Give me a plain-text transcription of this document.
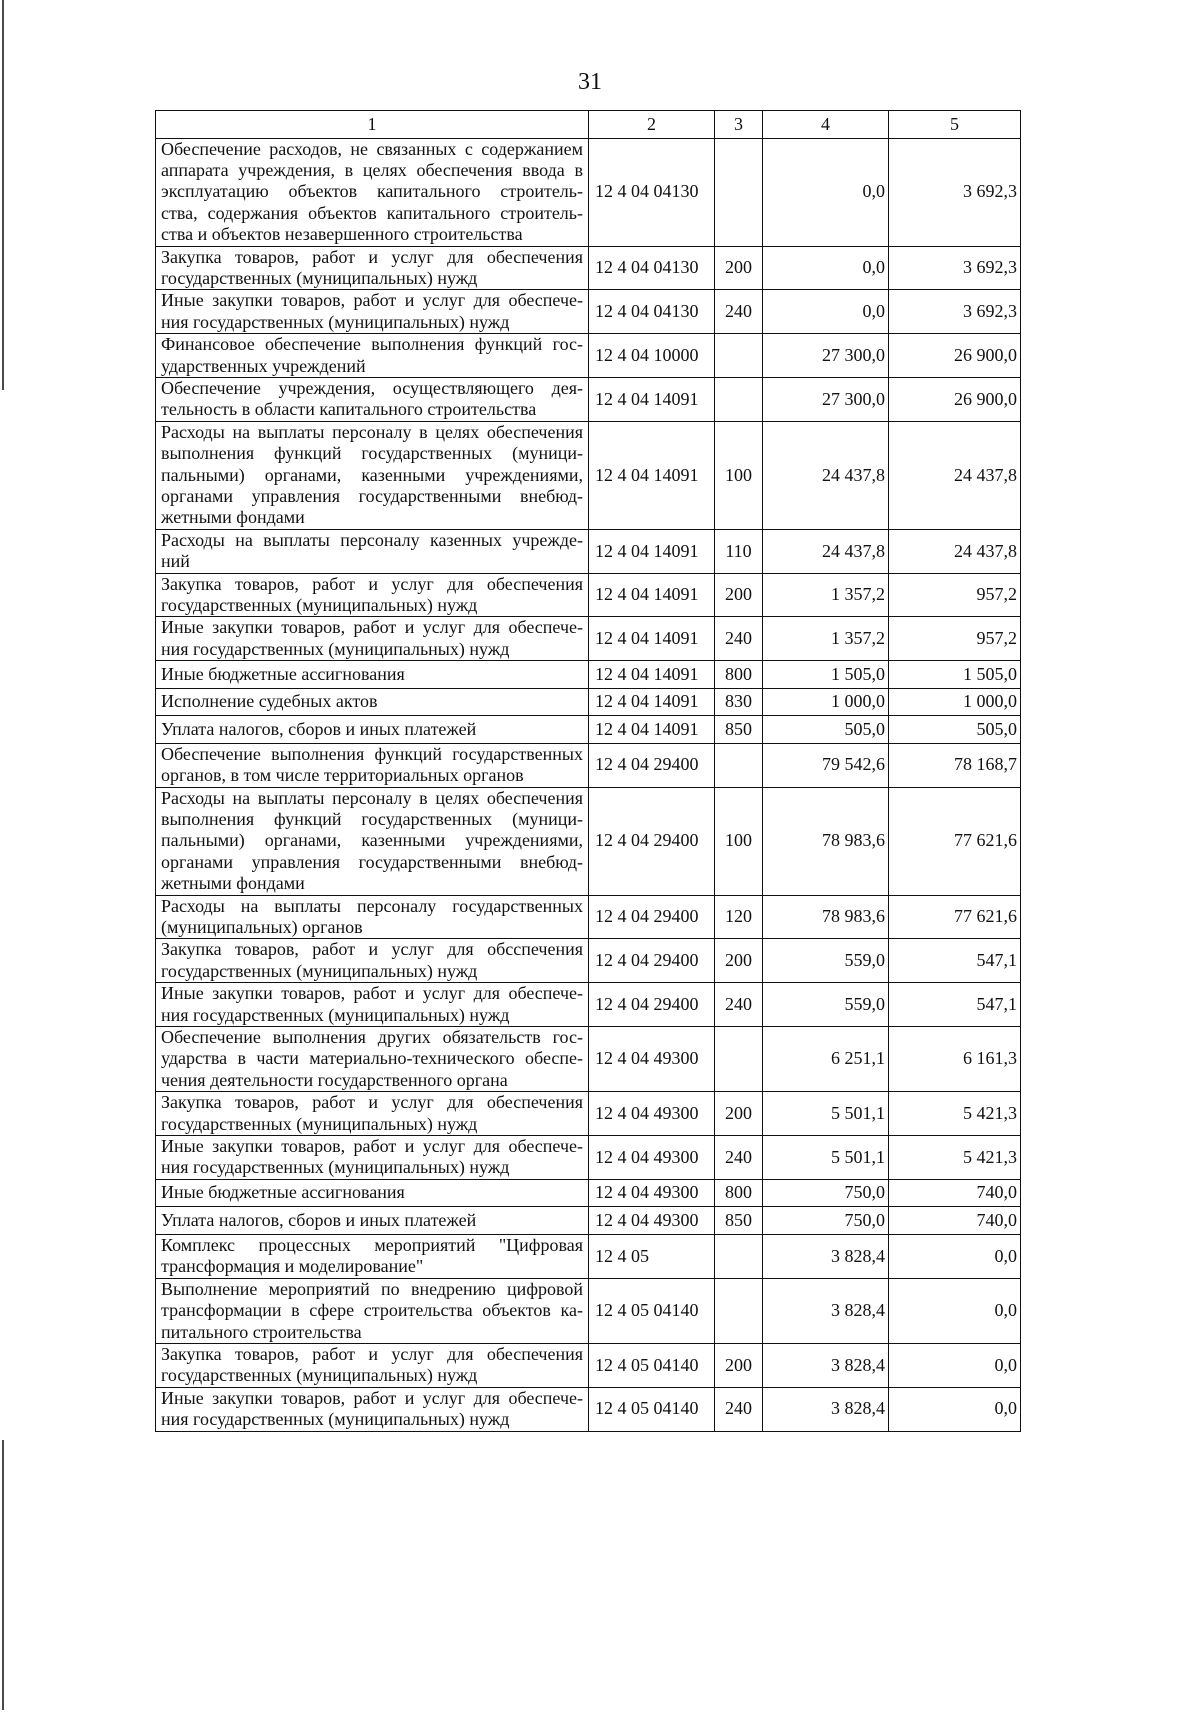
31
1	2	3	4	5

Обеспечение расходов, не связанных с содержанием
аппарата учреждения, в целях обеспечения ввода в
эксплуатацию объектов капитального строитель-
ства, содержания объектов капитального строитель-
ства и объектов незавершенного строительства	12 4 04 04130		0,0	3 692,3

Закупка товаров, работ и услуг для обеспечения
государственных (муниципальных) нужд	12 4 04 04130	200	0,0	3 692,3

Иные закупки товаров, работ и услуг для обеспече-
ния государственных (муниципальных) нужд	12 4 04 04130	240	0,0	3 692,3

Финансовое обеспечение выполнения функций гос-
ударственных учреждений	12 4 04 10000		27 300,0	26 900,0

Обеспечение учреждения, осуществляющего дея-
тельность в области капитального строительства	12 4 04 14091		27 300,0	26 900,0

Расходы на выплаты персоналу в целях обеспечения
выполнения функций государственных (муници-
пальными) органами, казенными учреждениями,
органами управления государственными внебюд-
жетными фондами	12 4 04 14091	100	24 437,8	24 437,8

Расходы на выплаты персоналу казенных учрежде-
ний	12 4 04 14091	110	24 437,8	24 437,8

Закупка товаров, работ и услуг для обеспечения
государственных (муниципальных) нужд	12 4 04 14091	200	1 357,2	957,2

Иные закупки товаров, работ и услуг для обеспече-
ния государственных (муниципальных) нужд	12 4 04 14091	240	1 357,2	957,2

Иные бюджетные ассигнования	12 4 04 14091	800	1 505,0	1 505,0

Исполнение судебных актов	12 4 04 14091	830	1 000,0	1 000,0

Уплата налогов, сборов и иных платежей	12 4 04 14091	850	505,0	505,0

Обеспечение выполнения функций государственных
органов, в том числе территориальных органов	12 4 04 29400		79 542,6	78 168,7

Расходы на выплаты персоналу в целях обеспечения
выполнения функций государственных (муници-
пальными) органами, казенными учреждениями,
органами управления государственными внебюд-
жетными фондами	12 4 04 29400	100	78 983,6	77 621,6

Расходы на выплаты персоналу государственных
(муниципальных) органов	12 4 04 29400	120	78 983,6	77 621,6

Закупка товаров, работ и услуг для обсспечения
государственных (муниципальных) нужд	12 4 04 29400	200	559,0	547,1

Иные закупки товаров, работ и услуг для обеспече-
ния государственных (муниципальных) нужд	12 4 04 29400	240	559,0	547,1

Обеспечение выполнения других обязательств гос-
ударства в части материально-технического обеспе-
чения деятельности государственного органа	12 4 04 49300		6 251,1	6 161,3

Закупка товаров, работ и услуг для обеспечения
государственных (муниципальных) нужд	12 4 04 49300	200	5 501,1	5 421,3

Иные закупки товаров, работ и услуг для обеспече-
ния государственных (муниципальных) нужд	12 4 04 49300	240	5 501,1	5 421,3

Иные бюджетные ассигнования	12 4 04 49300	800	750,0	740,0

Уплата налогов, сборов и иных платежей	12 4 04 49300	850	750,0	740,0

Комплекс процессных мероприятий "Цифровая
трансформация и моделирование"	12 4 05		3 828,4	0,0

Выполнение мероприятий по внедрению цифровой
трансформации в сфере строительства объектов ка-
питального строительства	12 4 05 04140		3 828,4	0,0

Закупка товаров, работ и услуг для обеспечения
государственных (муниципальных) нужд	12 4 05 04140	200	3 828,4	0,0

Иные закупки товаров, работ и услуг для обеспече-
ния государственных (муниципальных) нужд	12 4 05 04140	240	3 828,4	0,0
